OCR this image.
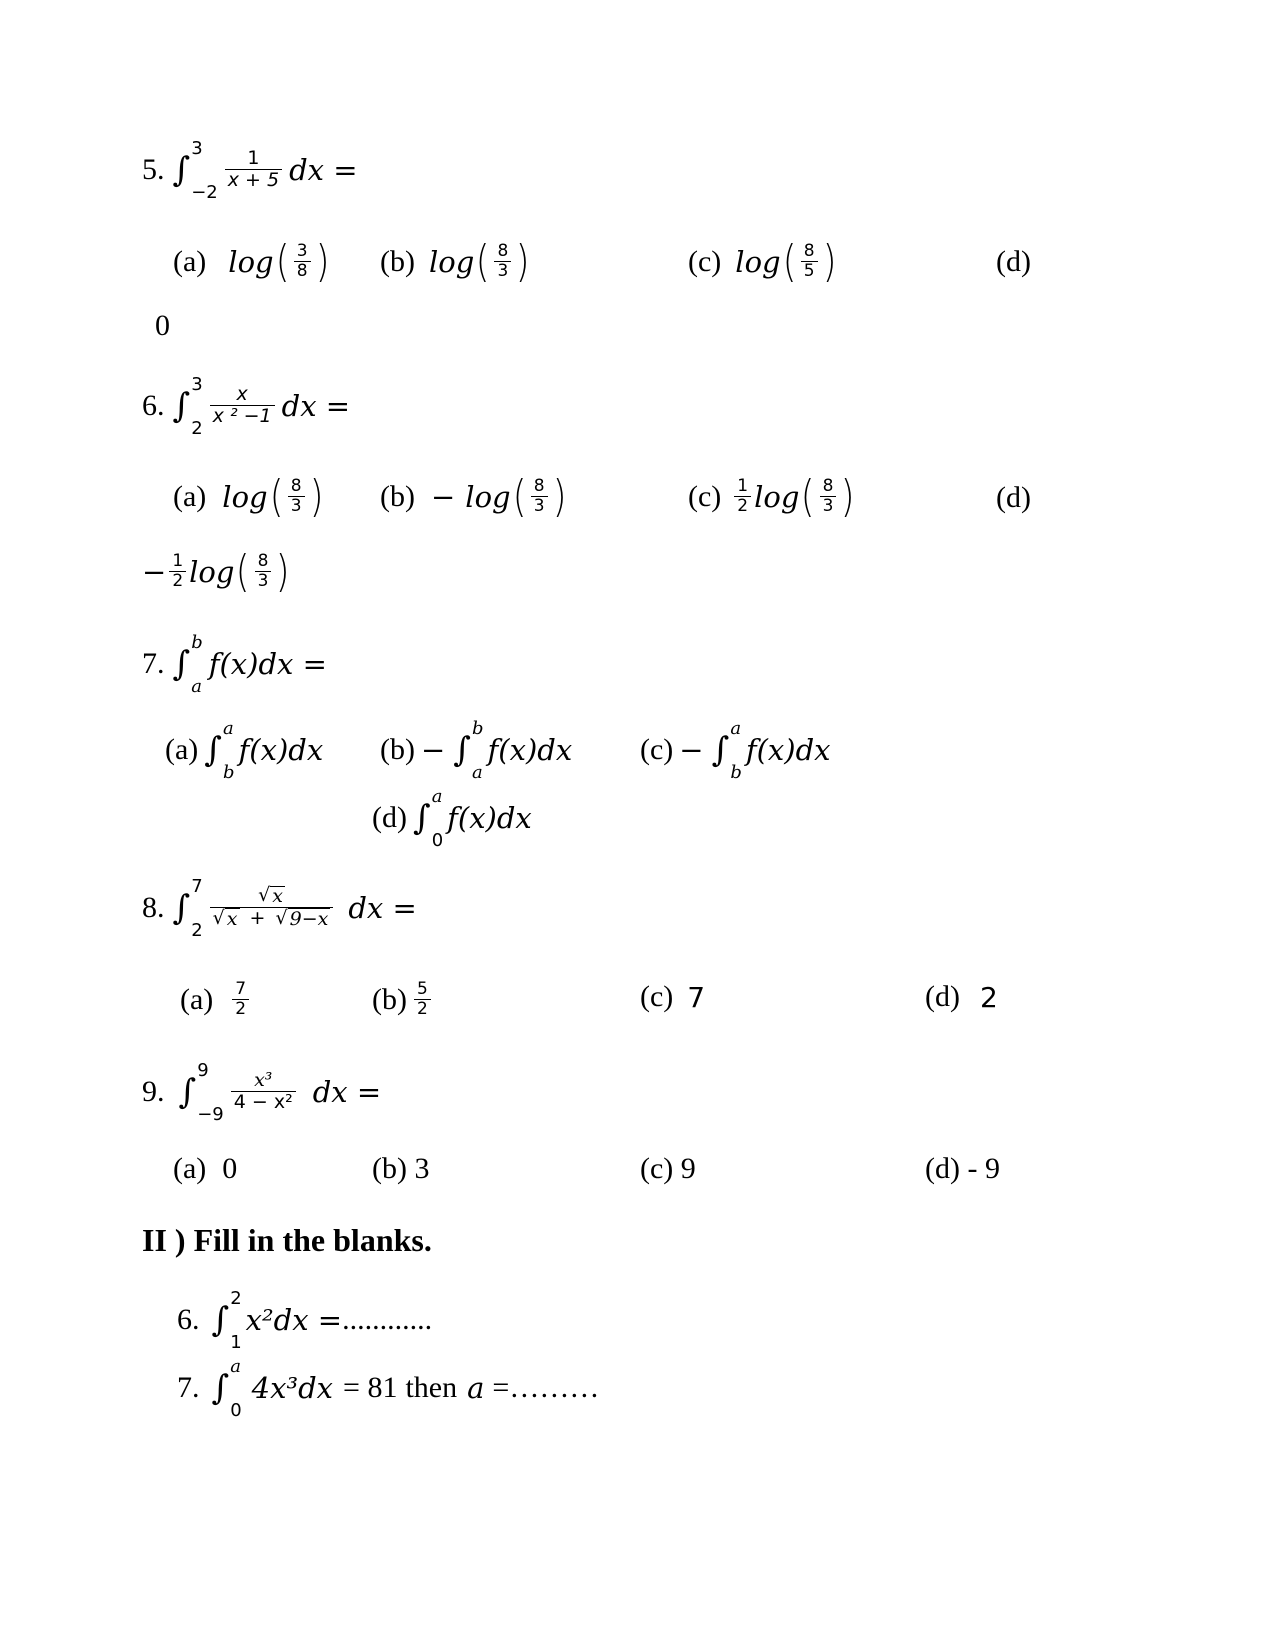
5. ∫
3
−2
$\frac{1}{x + 5}$ dx =
(a) log ( $\frac{3}{8}$ ) (b) log ( $\frac{8}{3}$ )	(c) log ( $\frac{8}{5}$ )	(d)
0
6. ∫
3
2
$\frac{x}{\text{x ² −1}}$ dx =
(a) log ( $\frac{8}{3}$ ) (b) − log ( $\frac{8}{3}$ )	$(c) \frac{1}{2}$ log ( $\frac{8}{3}$ )	(d)
− $\frac{1}{2}$ log ( $\frac{8}{3}$ )
7. ∫
b
a
f(x)dx =
(a) ∫
a
b
f(x)dx (b) − ∫
b
a
f(x)dx (c) − ∫
a
b
f(x)dx
(d) ∫
a
0
f(x)dx
8. ∫
7
2
$\frac{√ x}{√ x + √ 9-x}$ dx =
$(a) \frac{7}{2}$	$(b) \frac{5}{2}$	(c) 7	(d) 2
9. ∫
9
−9
$\frac{\text{x³}}{\text{4 − x²}}$ dx =
(a) 0	(b) 3	(c) 9	(d) - 9
II ) Fill in the blanks.
6. ∫
2
1
x²dx = ............
7. ∫
a
0
4x³dx = 81 then a = ………
